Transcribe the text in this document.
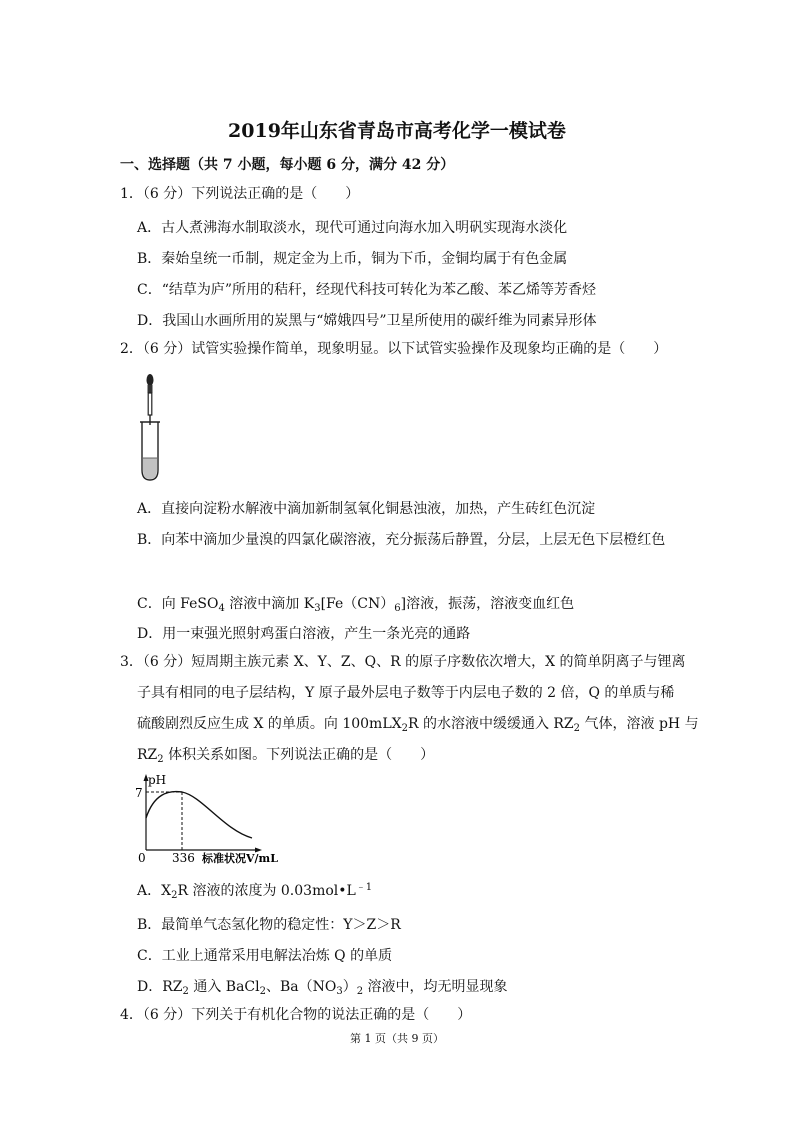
2019年山东省青岛市高考化学一模试卷
一、选择题（共 7 小题，每小题 6 分，满分 42 分）
1．（6 分）下列说法正确的是（　　）
A．古人煮沸海水制取淡水，现代可通过向海水加入明矾实现海水淡化
B．秦始皇统一币制，规定金为上币，铜为下币，金铜均属于有色金属
C．“结草为庐”所用的秸秆，经现代科技可转化为苯乙酸、苯乙烯等芳香烃
D．我国山水画所用的炭黑与“嫦娥四号”卫星所使用的碳纤维为同素异形体
2．（6 分）试管实验操作简单，现象明显。以下试管实验操作及现象均正确的是（　　）
A．直接向淀粉水解液中滴加新制氢氧化铜悬浊液，加热，产生砖红色沉淀
B．向苯中滴加少量溴的四氯化碳溶液，充分振荡后静置，分层，上层无色下层橙红色
C．向 FeSO$_4$ 溶液中滴加 $K_3[Fe(CN)_6]$溶液，振荡，溶液变血红色
D．用一束强光照射鸡蛋白溶液，产生一条光亮的通路
3．（6 分）短周期主族元素 X、Y、Z、Q、R 的原子序数依次增大，X 的简单阴离子与锂离
子具有相同的电子层结构，Y 原子最外层电子数等于内层电子数的 2 倍，Q 的单质与稀
硫酸剧烈反应生成 X 的单质。向 100mLX$_2$R 的水溶液中缓缓通入 $RZ_2$ 气体，溶液 pH 与
$RZ_2$ 体积关系如图。下列说法正确的是（　　）
pH
7
0 336 标准状况V/mL
A．$X_2R$ 溶液的浓度为 $0.03mol•L^{﹣1}$
B．最简单气态氢化物的稳定性：Y＞Z＞R
C．工业上通常采用电解法冶炼 Q 的单质
D．$RZ_2$ 通入 BaCl$_2$、$Ba(NO_3)_2$ 溶液中，均无明显现象
4．（6 分）下列关于有机化合物的说法正确的是（　　）
第 1 页（共 9 页）
